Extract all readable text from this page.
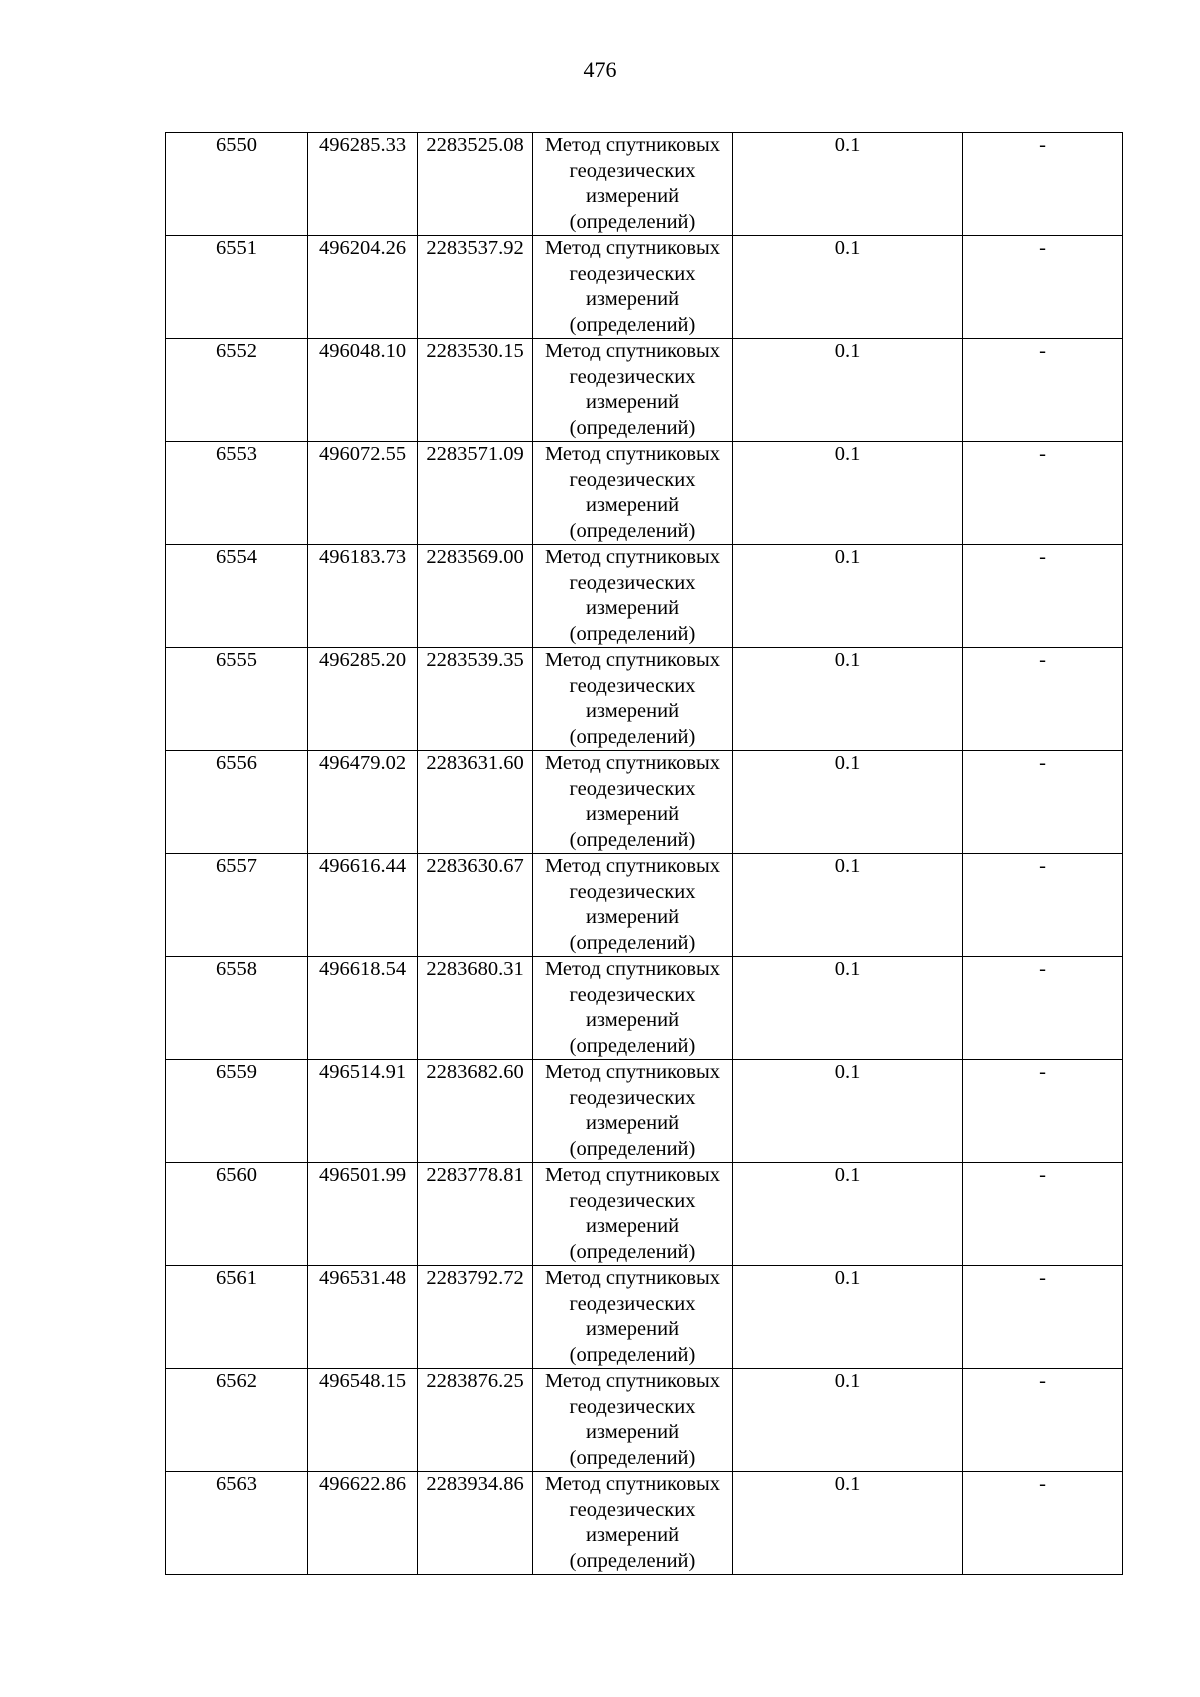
476
6550	496285.33	2283525.08	Метод спутниковых геодезических измерений (определений)	0.1	-
6551	496204.26	2283537.92	Метод спутниковых геодезических измерений (определений)	0.1	-
6552	496048.10	2283530.15	Метод спутниковых геодезических измерений (определений)	0.1	-
6553	496072.55	2283571.09	Метод спутниковых геодезических измерений (определений)	0.1	-
6554	496183.73	2283569.00	Метод спутниковых геодезических измерений (определений)	0.1	-
6555	496285.20	2283539.35	Метод спутниковых геодезических измерений (определений)	0.1	-
6556	496479.02	2283631.60	Метод спутниковых геодезических измерений (определений)	0.1	-
6557	496616.44	2283630.67	Метод спутниковых геодезических измерений (определений)	0.1	-
6558	496618.54	2283680.31	Метод спутниковых геодезических измерений (определений)	0.1	-
6559	496514.91	2283682.60	Метод спутниковых геодезических измерений (определений)	0.1	-
6560	496501.99	2283778.81	Метод спутниковых геодезических измерений (определений)	0.1	-
6561	496531.48	2283792.72	Метод спутниковых геодезических измерений (определений)	0.1	-
6562	496548.15	2283876.25	Метод спутниковых геодезических измерений (определений)	0.1	-
6563	496622.86	2283934.86	Метод спутниковых геодезических измерений (определений)	0.1	-
